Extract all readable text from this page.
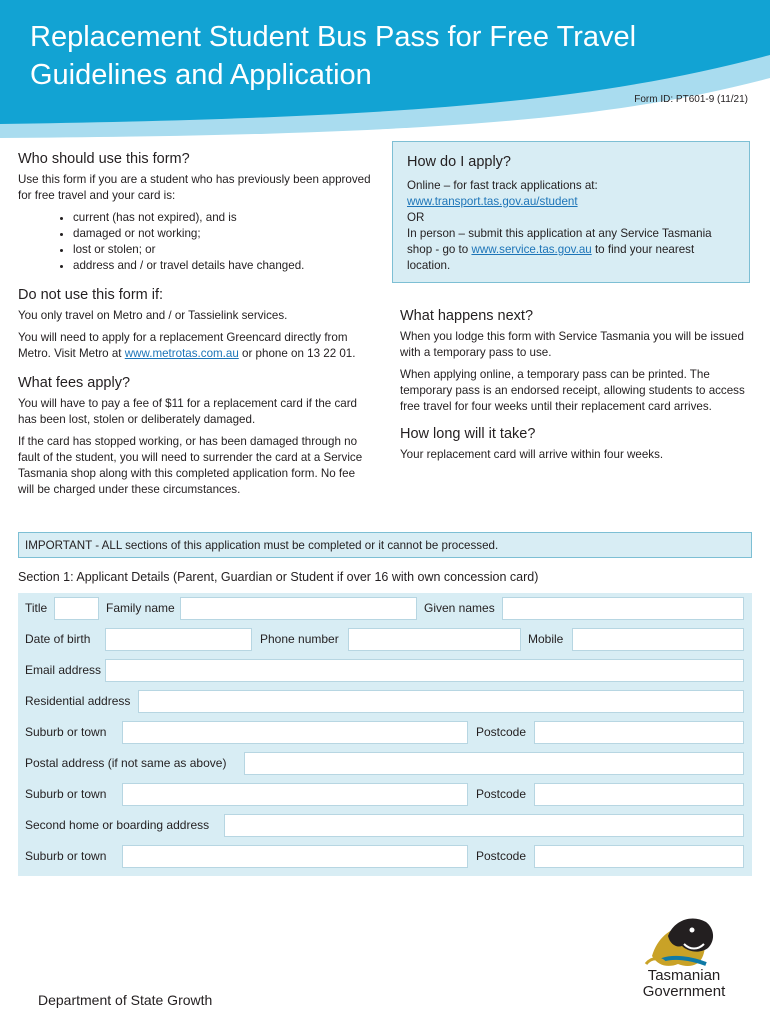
Replacement Student Bus Pass for Free Travel
Guidelines and Application
Form ID: PT601-9 (11/21)
Who should use this form?

Use this form if you are a student who has previously been approved for free travel and your card is:

• current (has not expired), and is
• damaged or not working;
• lost or stolen; or
• address and / or travel details have changed.
Do not use this form if:

You only travel on Metro and / or Tassielink services.

You will need to apply for a replacement Greencard directly from Metro. Visit Metro at www.metrotas.com.au or phone on 13 22 01.

What fees apply?

You will have to pay a fee of $11 for a replacement card if the card has been lost, stolen or deliberately damaged.

If the card has stopped working, or has been damaged through no fault of the student, you will need to surrender the card at a Service Tasmania shop along with this completed application form. No fee will be charged under these circumstances.

How do I apply?

Online – for fast track applications at:

www.transport.tas.gov.au/student

OR

In person – submit this application at any Service Tasmania shop - go to www.service.tas.gov.au to find your nearest location.

What happens next?

When you lodge this form with Service Tasmania you will be issued with a temporary pass to use.

When applying online, a temporary pass can be printed. The temporary pass is an endorsed receipt, allowing students to access free travel for four weeks until their replacement card arrives.

How long will it take?

Your replacement card will arrive within four weeks.

IMPORTANT - ALL sections of this application must be completed or it cannot be processed.
Section 1: Applicant Details (Parent, Guardian or Student if over 16 with own concession card)
Title	Family name	Given names
Date of birth	Phone number	Mobile
Email address
Residential address
Suburb or town	Postcode
Postal address (if not same as above)
Suburb or town	Postcode
Second home or boarding address
Suburb or town	Postcode
Tasmanian
Government
Department of State Growth
